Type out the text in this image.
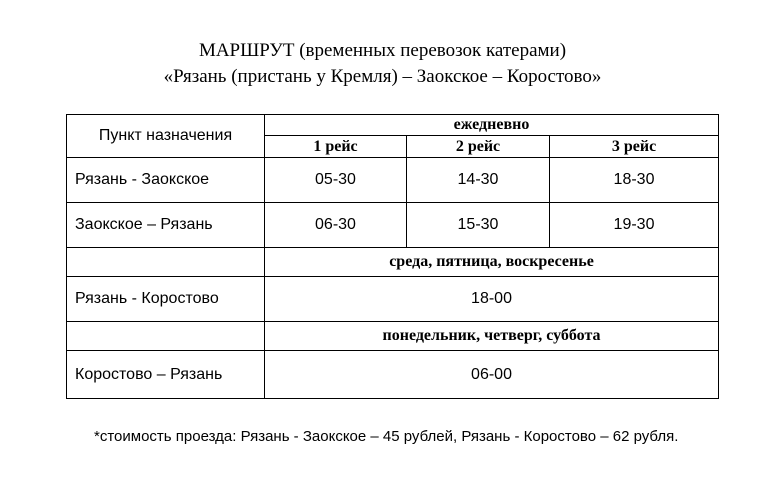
МАРШРУТ (временных перевозок катерами)
«Рязань (пристань у Кремля) – Заокское – Коростово»
Пункт назначения	ежедневно		
	1 рейс	2 рейс	3 рейс
Рязань - Заокское	05-30	14-30	18-30
Заокское – Рязань	06-30	15-30	19-30
	среда, пятница, воскресенье		
Рязань - Коростово	18-00		
	понедельник, четверг, суббота		
Коростово – Рязань	06-00		
*стоимость проезда: Рязань - Заокское – 45 рублей, Рязань - Коростово – 62 рубля.
